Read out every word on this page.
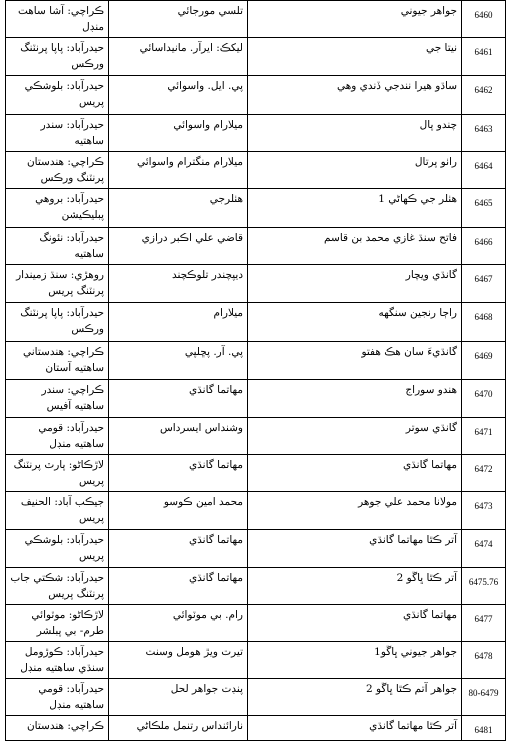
ڪراچي: آشا ساهت منڊل	تلسي مورجائي	جواهر جيوني	6460
حيدرآباد: پاپا پرنٽنگ ورڪس	ليکڪ: ايرآر. مانيداسائي	نيتا جي	6461
حيدرآباد: بلوشڪي پريس	پي. ايل. واسوائي	ساڌو هيرا نندجي ڏندي وهي	6462
حيدرآباد: سندر ساهتيه	ميلارام واسوائي	چندو پال	6463
ڪراچي: هندستان پرنٽنگ ورڪس	ميلارام منگترام واسوائي	راٺو پرتال	6464
حيدرآباد: بروهي پبليڪيشن	هٺلرجي	هٺلر جي ڪهاڻي 1	6465
حيدرآباد: نئونگ ساهتيه	قاضي علي اڪبر درازي	فاتح سنڌ غازي محمد بن قاسم	6466
روهڙي: سنڌ زميندار پرنٽنگ پريس	ديپچندر تلوڪچند	گانڌي ويچار	6467
حيدرآباد: پاپا پرنٽنگ ورڪس	ميلارام	راڄا رنجين سنگهه	6468
ڪراچي: هندستاني ساهتيه آستان	پي. آر. پڇلپي	گانڌيءَ سان هڪ هفتو	6469
ڪراچي: سندر ساهتيه آفيس	مهاتما گانڌي	هندو سوراج	6470
حيدرآباد: قومي ساهتيه منڊل	وشنداس ايسرداس	گانڌي سوتر	6471
لاڙڪاڻو: پارٽ پرنٽنگ پريس	مهاتما گانڌي	مهاتما گانڌي	6472
جيڪب آباد: الحنيف پريس	محمد امين ڪوسو	مولانا محمد علي جوهر	6473
حيدرآباد: بلوشڪي پريس	مهاتما گانڌي	آتر ڪٿا مهاتما گانڌي	6474
حيدرآباد: شڪتي جاب پرنٽنگ پريس	مهاتما گانڌي	آتر ڪٿا ڀاڱو 2	6475.76
لاڙڪاڻو: موٽوائي طرم- بي پبلشر	رام. بي موٽوائي	مهاتما گانڌي	6477
حيدرآباد: ڪوڙومل سنڌي ساهتيه منڊل	تيرت ويڙ هومل وسنت	جواهر جيوني ڀاڱو1	6478
حيدرآباد: قومي ساهتيه منڊل	پنڊت جواهر لحل	جواهر آتم ڪٿا ڀاڱو 2	80-6479
ڪراچي: هندستان	نارائنداس رتنمل ملڪاڻي	آتر ڪٿا مهاتما گانڌي	6481
